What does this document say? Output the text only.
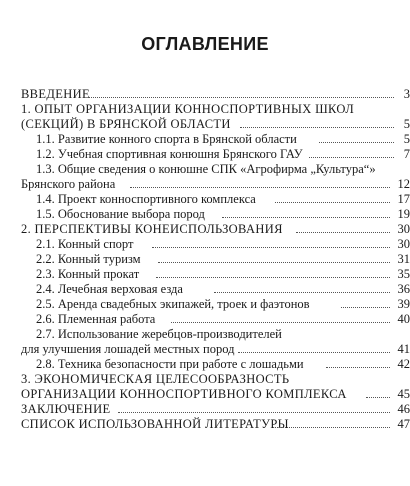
ОГЛАВЛЕНИЕ
ВВЕДЕНИЕ	3
1. ОПЫТ ОРГАНИЗАЦИИ КОННОСПОРТИВНЫХ ШКОЛ
(СЕКЦИЙ) В БРЯНСКОЙ ОБЛАСТИ	5
1.1. Развитие конного спорта в Брянской области	5
1.2. Учебная спортивная конюшня Брянского ГАУ	7
1.3. Общие сведения о конюшне СПК «Агрофирма „Культура“»
Брянского района	12
1.4. Проект конноспортивного комплекса	17
1.5. Обоснование выбора пород	19
2. ПЕРСПЕКТИВЫ КОНЕИСПОЛЬЗОВАНИЯ	30
2.1. Конный спорт	30
2.2. Конный туризм	31
2.3. Конный прокат	35
2.4. Лечебная верховая езда	36
2.5. Аренда свадебных экипажей, троек и фаэтонов	39
2.6. Племенная работа	40
2.7. Использование жеребцов-производителей
для улучшения лошадей местных пород	41
2.8. Техника безопасности при работе с лошадьми	42
3. ЭКОНОМИЧЕСКАЯ ЦЕЛЕСООБРАЗНОСТЬ
ОРГАНИЗАЦИИ КОННОСПОРТИВНОГО КОМПЛЕКСА	45
ЗАКЛЮЧЕНИЕ	46
СПИСОК ИСПОЛЬЗОВАННОЙ ЛИТЕРАТУРЫ	47
